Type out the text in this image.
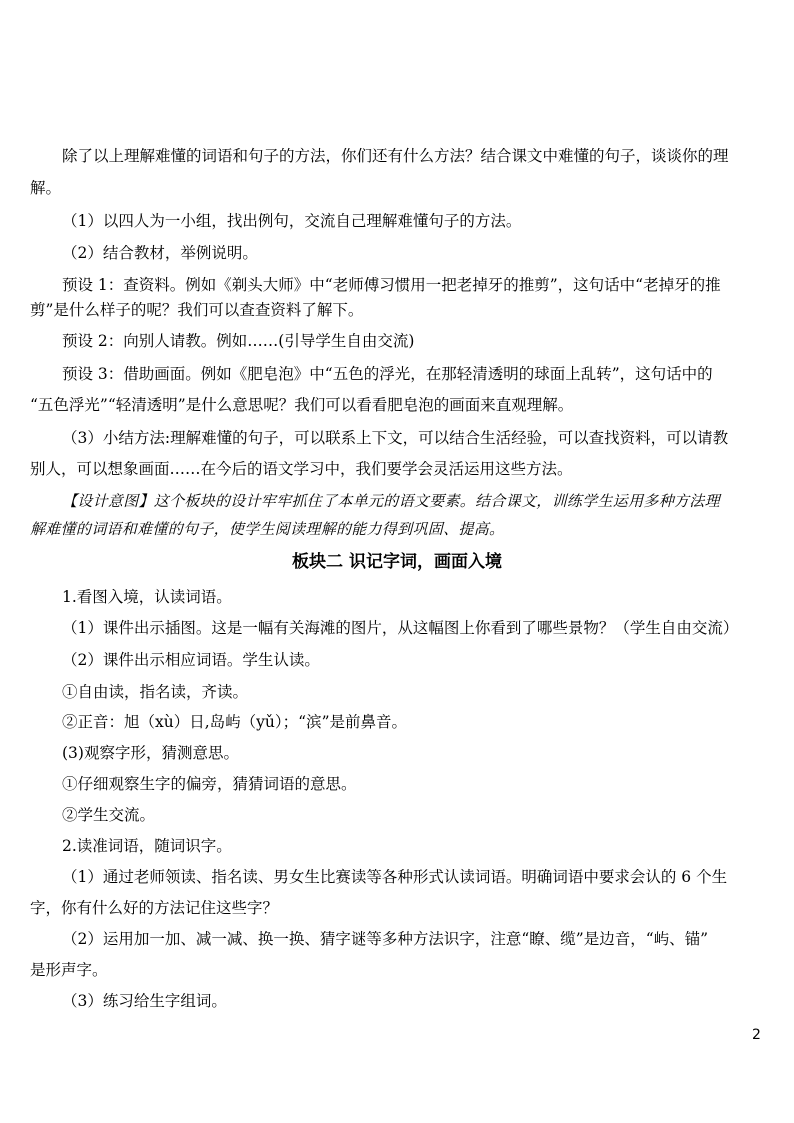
除了以上理解难懂的词语和句子的方法，你们还有什么方法？结合课文中难懂的句子，谈谈你的理
解。
（1）以四人为一小组，找出例句，交流自己理解难懂句子的方法。
（2）结合教材，举例说明。
预设 1：查资料。例如《剃头大师》中“老师傅习惯用一把老掉牙的推剪”，这句话中“老掉牙的推
剪”是什么样子的呢？我们可以查查资料了解下。
预设 2：向别人请教。例如……(引导学生自由交流)
预设 3：借助画面。例如《肥皂泡》中“五色的浮光，在那轻清透明的球面上乱转”，这句话中的
“五色浮光”“轻清透明”是什么意思呢？我们可以看看肥皂泡的画面来直观理解。
（3）小结方法:理解难懂的句子，可以联系上下文，可以结合生活经验，可以查找资料，可以请教
别人，可以想象画面……在今后的语文学习中，我们要学会灵活运用这些方法。
【设计意图】这个板块的设计牢牢抓住了本单元的语文要素。结合课文，训练学生运用多种方法理
解难懂的词语和难懂的句子，使学生阅读理解的能力得到巩固、提高。
板块二 识记字词，画面入境
1.看图入境，认读词语。
（1）课件出示插图。这是一幅有关海滩的图片，从这幅图上你看到了哪些景物？（学生自由交流）
（2）课件出示相应词语。学生认读。
①自由读，指名读，齐读。
②正音：旭（xù）日,岛屿（yǔ）；“滨”是前鼻音。
(3)观察字形，猜测意思。
①仔细观察生字的偏旁，猜猜词语的意思。
②学生交流。
2.读准词语，随词识字。
（1）通过老师领读、指名读、男女生比赛读等各种形式认读词语。明确词语中要求会认的 6 个生
字，你有什么好的方法记住这些字？
（2）运用加一加、减一减、换一换、猜字谜等多种方法识字，注意“瞭、缆”是边音，“屿、锚”
是形声字。
（3）练习给生字组词。
2
